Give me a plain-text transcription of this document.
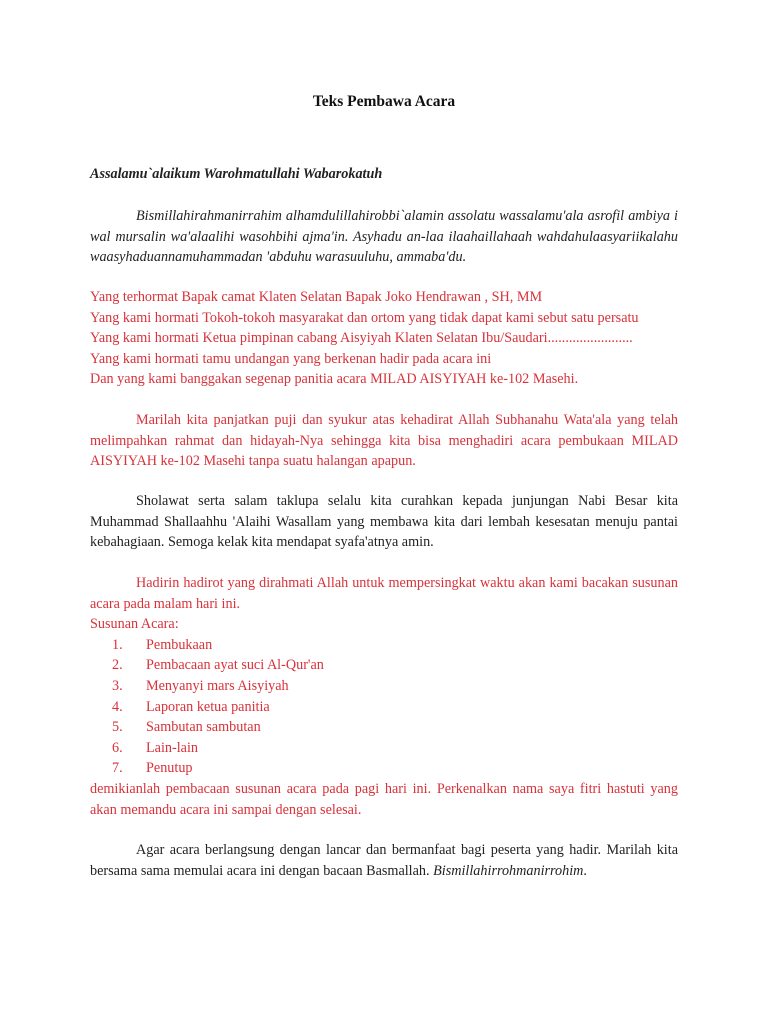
Teks Pembawa Acara
Assalamu`alaikum Warohmatullahi Wabarokatuh

Bismillahirahmanirrahim alhamdulillahirobbi`alamin assolatu wassalamu'ala asrofil ambiya i wal mursalin wa'alaalihi wasohbihi ajma'in. Asyhadu an-laa ilaahaillahaah wahdahulaasyariikalahu waasyhaduannamuhammadan 'abduhu warasuuluhu, ammaba'du.

Yang terhormat Bapak camat Klaten Selatan Bapak Joko Hendrawan , SH, MM
Yang kami hormati Tokoh-tokoh masyarakat dan ortom yang tidak dapat kami sebut satu persatu
Yang kami hormati Ketua pimpinan cabang Aisyiyah Klaten Selatan Ibu/Saudari........................
Yang kami hormati tamu undangan yang berkenan hadir pada acara ini
Dan yang kami banggakan segenap panitia acara MILAD AISYIYAH ke-102 Masehi.

Marilah kita panjatkan puji dan syukur atas kehadirat Allah Subhanahu Wata'ala yang telah melimpahkan rahmat dan hidayah-Nya sehingga kita bisa menghadiri acara pembukaan MILAD AISYIYAH ke-102 Masehi tanpa suatu halangan apapun.

Sholawat serta salam taklupa selalu kita curahkan kepada junjungan Nabi Besar kita Muhammad Shallaahhu 'Alaihi Wasallam yang membawa kita dari lembah kesesatan menuju pantai kebahagiaan. Semoga kelak kita mendapat syafa'atnya amin.

Hadirin hadirot yang dirahmati Allah untuk mempersingkat waktu akan kami bacakan susunan acara pada malam hari ini.

Susunan Acara:
1. Pembukaan
2. Pembacaan ayat suci Al-Qur'an
3. Menyanyi mars Aisyiyah
4. Laporan ketua panitia
5. Sambutan sambutan
6. Lain-lain
7. Penutup

demikianlah pembacaan susunan acara pada pagi hari ini. Perkenalkan nama saya fitri hastuti yang akan memandu acara ini sampai dengan selesai.

Agar acara berlangsung dengan lancar dan bermanfaat bagi peserta yang hadir. Marilah kita bersama sama memulai acara ini dengan bacaan Basmallah. Bismillahirrohmanirrohim.
